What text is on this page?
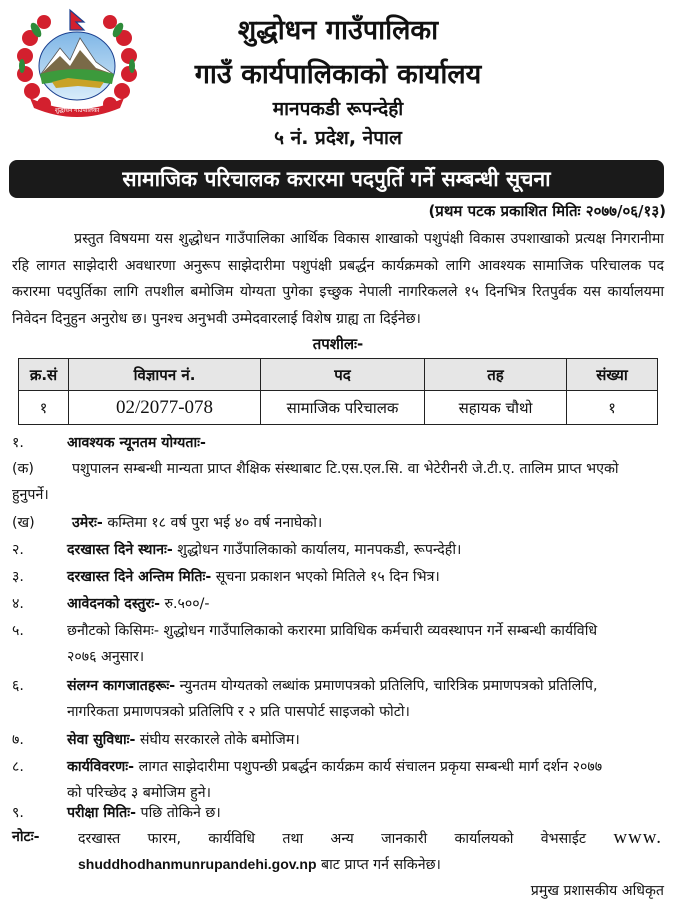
शुद्धोधन गाउँपालिका
शुद्धोधन गाउँपालिका
गाउँ कार्यपालिकाको कार्यालय
मानपकडी रूपन्देही
५ नं. प्रदेश, नेपाल
सामाजिक परिचालक करारमा पदपुर्ति गर्ने सम्बन्धी सूचना
(प्रथम पटक प्रकाशित मितिः २०७७/०६/१३)

प्रस्तुत विषयमा यस शुद्धोधन गाउँपालिका आर्थिक विकास शाखाको पशुपंक्षी विकास उपशाखाको प्रत्यक्ष निगरानीमा रहि लागत साझेदारी अवधारणा अनुरूप साझेदारीमा पशुपंक्षी प्रबर्द्धन कार्यक्रमको लागि आवश्यक सामाजिक परिचालक पद करारमा पदपुर्तिका लागि तपशील बमोजिम योग्यता पुगेका इच्छुक नेपाली नागरिकलले १५ दिनभित्र रितपुर्वक यस कार्यालयमा निवेदन दिनुहुन अनुरोध छ। पुनश्च अनुभवी उम्मेदवारलाई विशेष ग्राह्य ता दिईनेछ।

तपशीलः-
क्र.सं	विज्ञापन नं.	पद	तह	संख्या
१	02/2077-078	सामाजिक परिचालक	सहायक चौथो	१
१.	आवश्यक न्यूनतम योग्यताः-
(क)	पशुपालन सम्बन्धी मान्यता प्राप्त शैक्षिक संस्थाबाट टि.एस.एल.सि. वा भेटेरीनरी जे.टी.ए. तालिम प्राप्त भएको
हुनुपर्ने।
(ख)	उमेरः- कम्तिमा १८ वर्ष पुरा भई ४० वर्ष ननाघेको।
२.	दरखास्त दिने स्थानः- शुद्धोधन गाउँपालिकाको कार्यालय, मानपकडी, रूपन्देही।
३.	दरखास्त दिने अन्तिम मितिः- सूचना प्रकाशन भएको मितिले १५ दिन भित्र।
४.	आवेदनको दस्तुरः- रु.५००/-
५.	छनौटको किसिमः- शुद्धोधन गाउँपालिकाको करारमा प्राविधिक कर्मचारी व्यवस्थापन गर्ने सम्बन्धी कार्यविधि
२०७६ अनुसार।
६.	संलग्न कागजातहरूः- न्युनतम योग्यतको लब्धांक प्रमाणपत्रको प्रतिलिपि, चारित्रिक प्रमाणपत्रको प्रतिलिपि,
नागरिकता प्रमाणपत्रको प्रतिलिपि र २ प्रति पासपोर्ट साइजको फोटो।
७.	सेवा सुविधाः- संघीय सरकारले तोके बमोजिम।
८.	कार्यविवरणः- लागत साझेदारीमा पशुपन्छी प्रबर्द्धन कार्यक्रम कार्य संचालन प्रकृया सम्बन्धी मार्ग दर्शन २०७७
को परिच्छेद ३ बमोजिम हुने।
९.	परीक्षा मितिः- पछि तोकिने छ।
नोटः-	दरखास्त फारम, कार्यविधि तथा अन्य जानकारी कार्यालयको वेभसाईट www.
shuddhodhanmunrupandehi.gov.np बाट प्राप्त गर्न सकिनेछ।
प्रमुख प्रशासकीय अधिकृत
